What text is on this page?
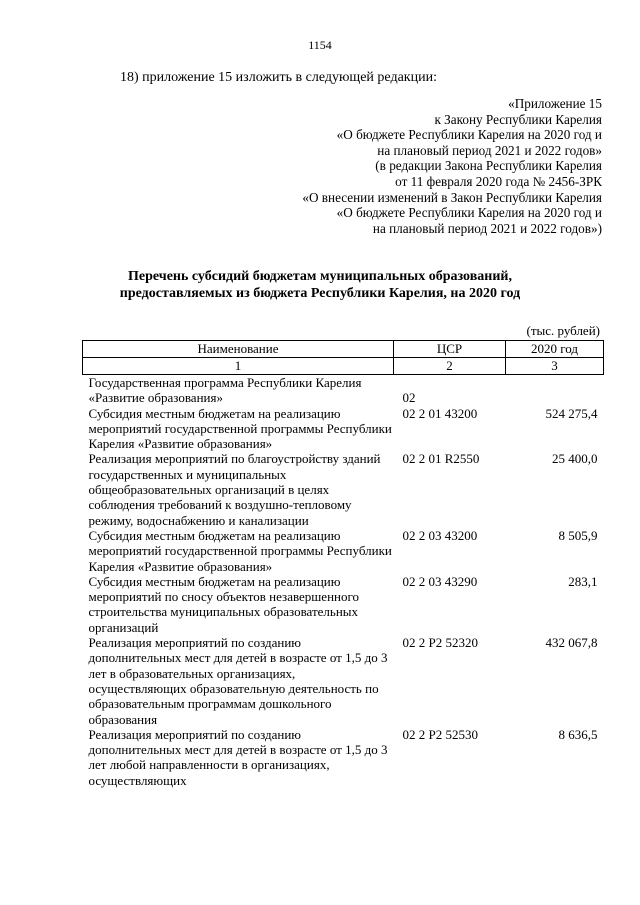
1154
18) приложение 15 изложить в следующей редакции:
«Приложение 15
к Закону Республики Карелия
«О бюджете Республики Карелия на 2020 год и
на плановый период 2021 и 2022 годов»
(в редакции Закона Республики Карелия
от 11 февраля 2020 года № 2456-ЗРК
«О внесении изменений в Закон Республики Карелия
«О бюджете Республики Карелия на 2020 год и
на плановый период 2021 и 2022 годов»)
Перечень субсидий бюджетам муниципальных образований,
предоставляемых из бюджета Республики Карелия, на 2020 год
(тыс. рублей)
Наименование	ЦСР	2020 год
1	2	3
Государственная программа Республики Карелия «Развитие образования»	02	
Субсидия местным бюджетам на реализацию мероприятий государственной программы Республики Карелия «Развитие образования»	02 2 01 43200	524 275,4
Реализация мероприятий по благоустройству зданий государственных и муниципальных общеобразовательных организаций в целях соблюдения требований к воздушно-тепловому режиму, водоснабжению и канализации	02 2 01 R2550	25 400,0
Субсидия местным бюджетам на реализацию мероприятий государственной программы Республики Карелия «Развитие образования»	02 2 03 43200	8 505,9
Субсидия местным бюджетам на реализацию мероприятий по сносу объектов незавершенного строительства муниципальных образовательных организаций	02 2 03 43290	283,1
Реализация мероприятий по созданию дополнительных мест для детей в возрасте от 1,5 до 3 лет в образовательных организациях, осуществляющих образовательную деятельность по образовательным программам дошкольного образования	02 2 P2 52320	432 067,8
Реализация мероприятий по созданию дополнительных мест для детей в возрасте от 1,5 до 3 лет любой направленности в организациях, осуществляющих	02 2 P2 52530	8 636,5
